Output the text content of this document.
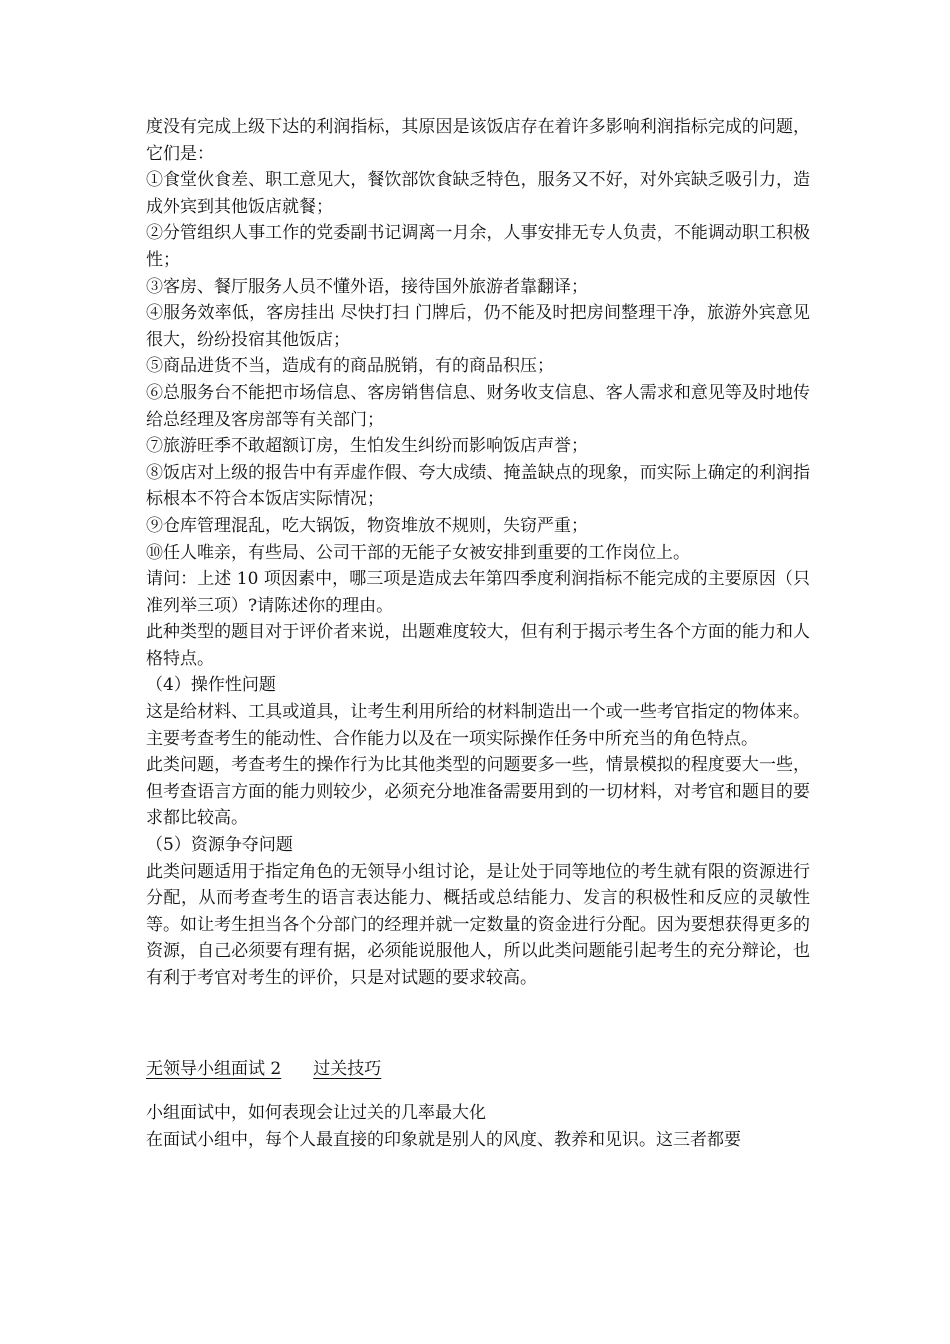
度没有完成上级下达的利润指标，其原因是该饭店存在着许多影响利润指标完成的问题，它们是：

①食堂伙食差、职工意见大，餐饮部饮食缺乏特色，服务又不好，对外宾缺乏吸引力，造成外宾到其他饭店就餐；

②分管组织人事工作的党委副书记调离一月余，人事安排无专人负责，不能调动职工积极性；

③客房、餐厅服务人员不懂外语，接待国外旅游者靠翻译；

④服务效率低，客房挂出 尽快打扫 门牌后，仍不能及时把房间整理干净，旅游外宾意见很大，纷纷投宿其他饭店；

⑤商品进货不当，造成有的商品脱销，有的商品积压；

⑥总服务台不能把市场信息、客房销售信息、财务收支信息、客人需求和意见等及时地传给总经理及客房部等有关部门；

⑦旅游旺季不敢超额订房，生怕发生纠纷而影响饭店声誉；

⑧饭店对上级的报告中有弄虚作假、夸大成绩、掩盖缺点的现象，而实际上确定的利润指标根本不符合本饭店实际情况；

⑨仓库管理混乱，吃大锅饭，物资堆放不规则，失窃严重；

⑩任人唯亲，有些局、公司干部的无能子女被安排到重要的工作岗位上。

请问：上述 10 项因素中，哪三项是造成去年第四季度利润指标不能完成的主要原因（只准列举三项）?请陈述你的理由。

此种类型的题目对于评价者来说，出题难度较大，但有利于揭示考生各个方面的能力和人格特点。

（4）操作性问题

这是给材料、工具或道具，让考生利用所给的材料制造出一个或一些考官指定的物体来。主要考查考生的能动性、合作能力以及在一项实际操作任务中所充当的角色特点。

此类问题，考查考生的操作行为比其他类型的问题要多一些，情景模拟的程度要大一些，但考查语言方面的能力则较少，必须充分地准备需要用到的一切材料，对考官和题目的要求都比较高。

（5）资源争夺问题

此类问题适用于指定角色的无领导小组讨论，是让处于同等地位的考生就有限的资源进行分配，从而考查考生的语言表达能力、概括或总结能力、发言的积极性和反应的灵敏性等。如让考生担当各个分部门的经理并就一定数量的资金进行分配。因为要想获得更多的资源，自己必须要有理有据，必须能说服他人，所以此类问题能引起考生的充分辩论，也有利于考官对考生的评价，只是对试题的要求较高。

无领导小组面试 2 过关技巧

小组面试中，如何表现会让过关的几率最大化

在面试小组中，每个人最直接的印象就是别人的风度、教养和见识。这三者都要
